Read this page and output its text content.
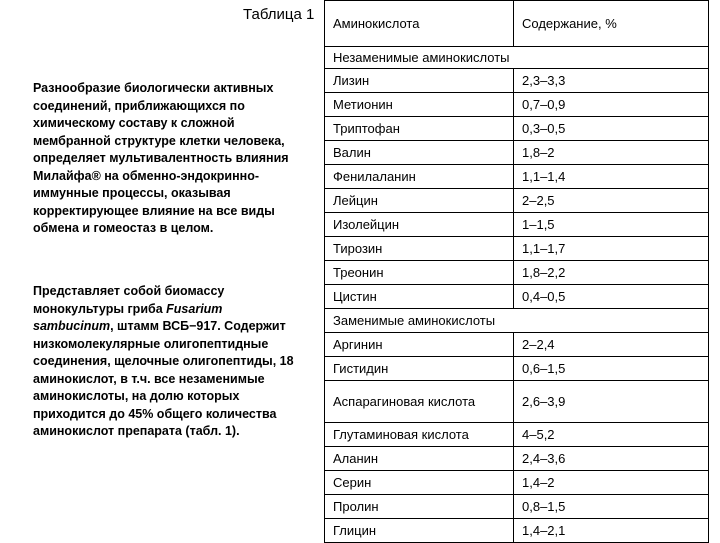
Таблица 1
Разнообразие биологически активных соединений, приближающихся по химическому составу к сложной мембранной структуре клетки человека, определяет мультивалентность влияния Милайфа® на обменно-эндокринно-иммунные процессы, оказывая корректирующее влияние на все виды обмена и гомеостаз в целом.
Представляет собой биомассу монокультуры гриба Fusarium sambucinum, штамм ВСБ−917. Содержит низкомолекулярные олигопептидные соединения, щелочные олигопептиды, 18 аминокислот, в т.ч. все незаменимые аминокислоты, на долю которых приходится до 45% общего количества аминокислот препарата (табл. 1).
Аминокислота	Содержание, %
Незаменимые аминокислоты	
Лизин	2,3–3,3
Метионин	0,7–0,9
Триптофан	0,3–0,5
Валин	1,8–2
Фенилаланин	1,1–1,4
Лейцин	2–2,5
Изолейцин	1–1,5
Тирозин	1,1–1,7
Треонин	1,8–2,2
Цистин	0,4–0,5
Заменимые аминокислоты	
Аргинин	2–2,4
Гистидин	0,6–1,5
Аспарагиновая кислота	2,6–3,9
Глутаминовая кислота	4–5,2
Аланин	2,4–3,6
Серин	1,4–2
Пролин	0,8–1,5
Глицин	1,4–2,1
